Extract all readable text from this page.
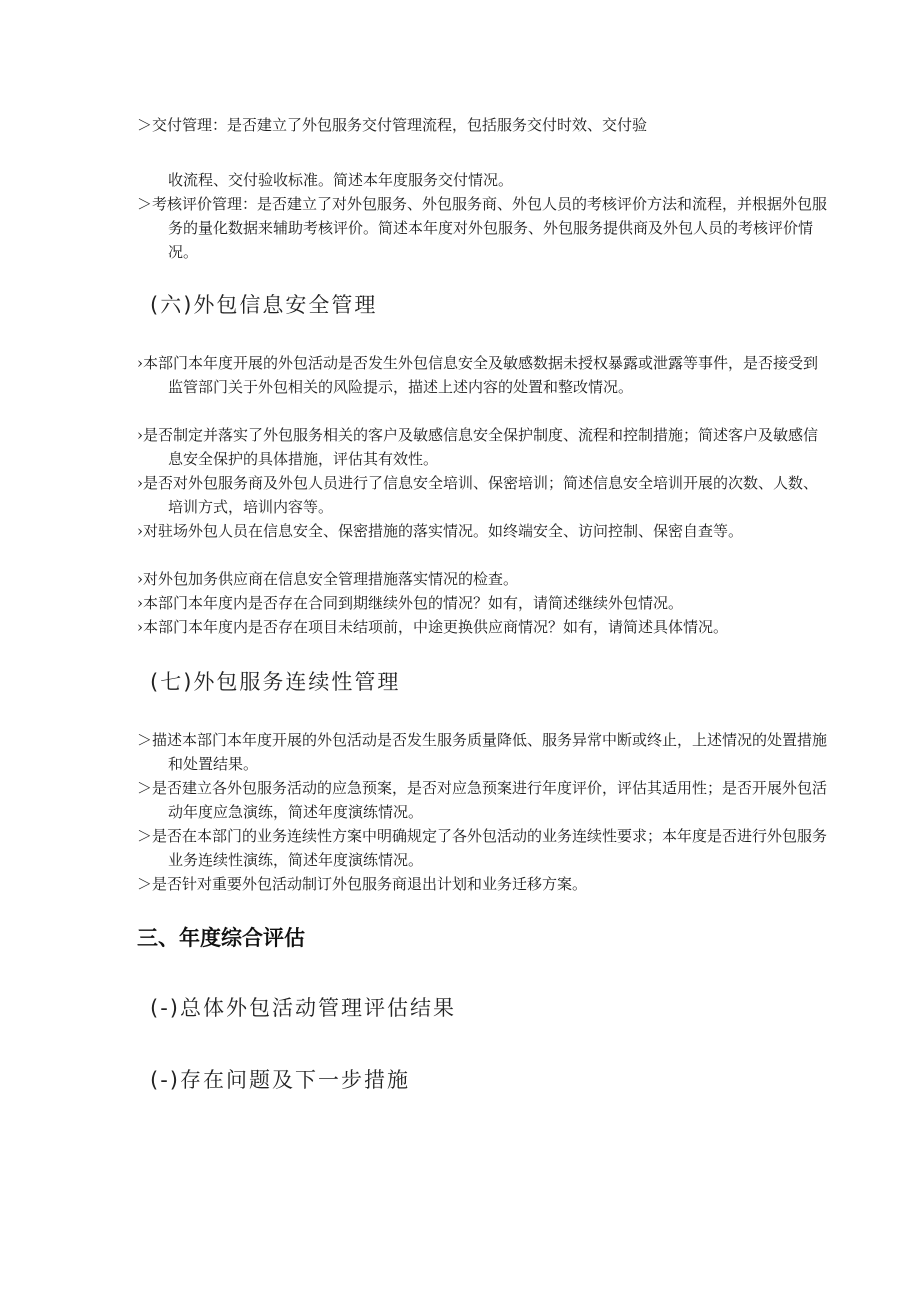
＞交付管理：是否建立了外包服务交付管理流程，包括服务交付时效、交付验
收流程、交付验收标准。简述本年度服务交付情况。
＞考核评价管理：是否建立了对外包服务、外包服务商、外包人员的考核评价方法和流程，并根据外包服务的量化数据来辅助考核评价。简述本年度对外包服务、外包服务提供商及外包人员的考核评价情况。
(六)外包信息安全管理
›本部门本年度开展的外包活动是否发生外包信息安全及敏感数据未授权暴露或泄露等事件，是否接受到监管部门关于外包相关的风险提示，描述上述内容的处置和整改情况。
›是否制定并落实了外包服务相关的客户及敏感信息安全保护制度、流程和控制措施；简述客户及敏感信息安全保护的具体措施，评估其有效性。
›是否对外包服务商及外包人员进行了信息安全培训、保密培训；简述信息安全培训开展的次数、人数、培训方式，培训内容等。
›对驻场外包人员在信息安全、保密措施的落实情况。如终端安全、访问控制、保密自查等。
›对外包加务供应商在信息安全管理措施落实情况的检查。
›本部门本年度内是否存在合同到期继续外包的情况？如有，请简述继续外包情况。
›本部门本年度内是否存在项目未结项前，中途更换供应商情况？如有，请简述具体情况。
(七)外包服务连续性管理
＞描述本部门本年度开展的外包活动是否发生服务质量降低、服务异常中断或终止，上述情况的处置措施和处置结果。
＞是否建立各外包服务活动的应急预案，是否对应急预案进行年度评价，评估其适用性；是否开展外包活动年度应急演练，简述年度演练情况。
＞是否在本部门的业务连续性方案中明确规定了各外包活动的业务连续性要求；本年度是否进行外包服务业务连续性演练，简述年度演练情况。
＞是否针对重要外包活动制订外包服务商退出计划和业务迁移方案。
三、年度综合评估
(-)总体外包活动管理评估结果
(-)存在问题及下一步措施
